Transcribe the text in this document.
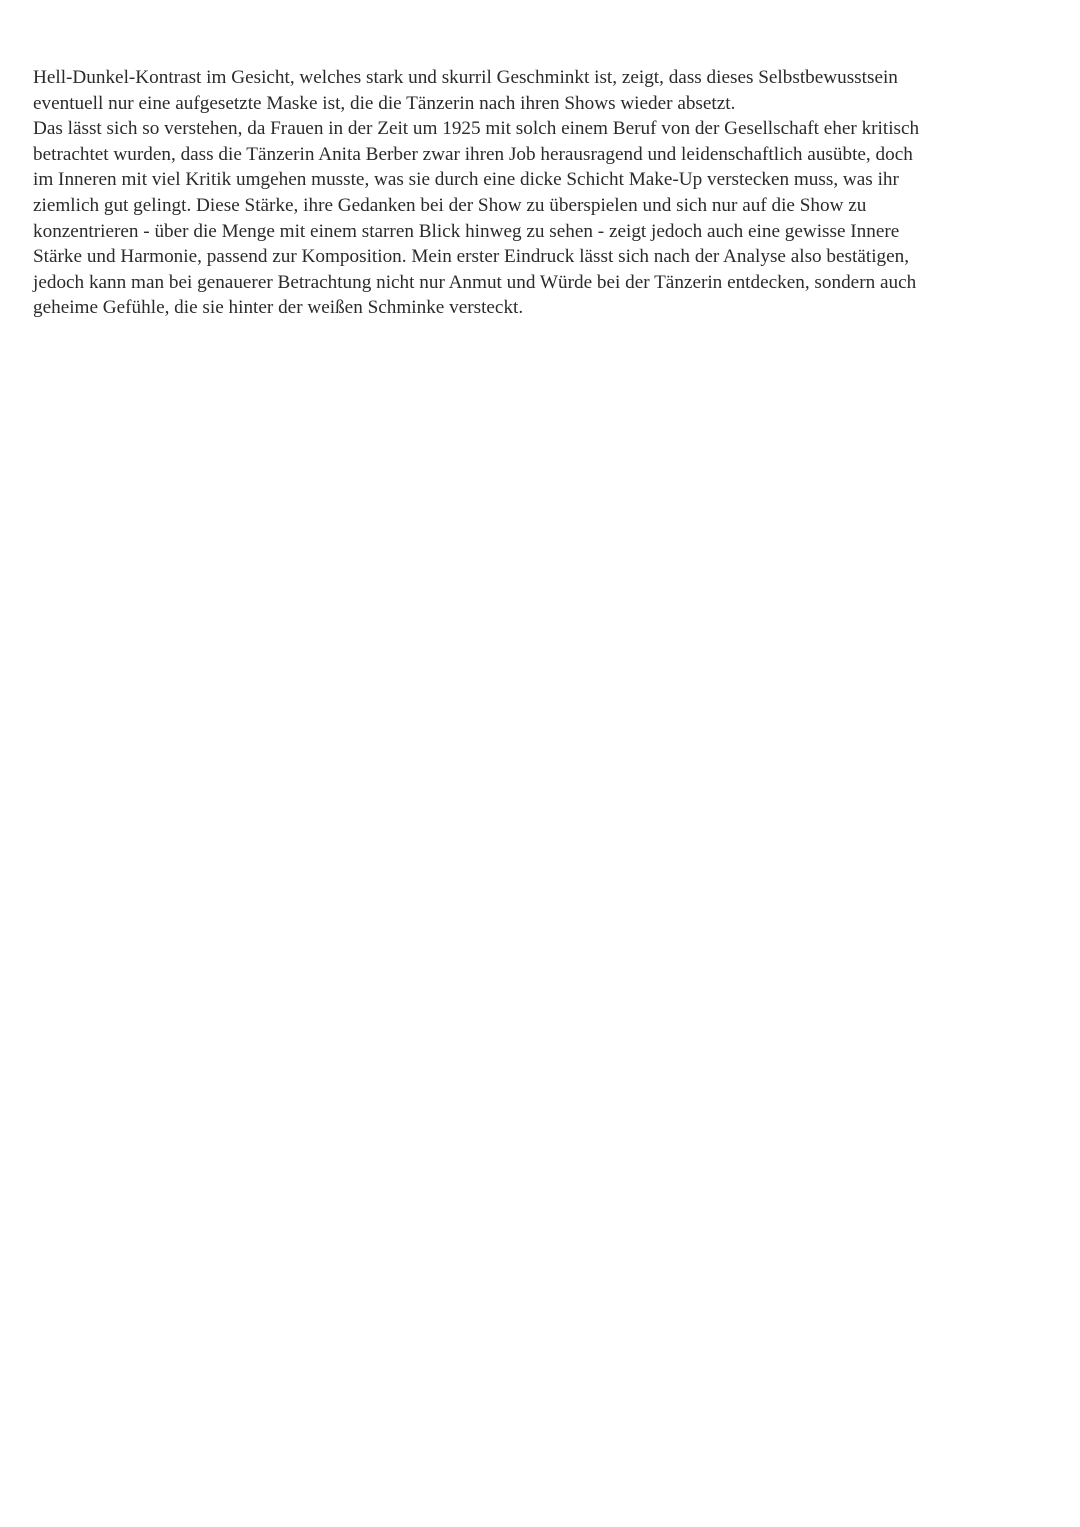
Hell-Dunkel-Kontrast im Gesicht, welches stark und skurril Geschminkt ist, zeigt, dass dieses Selbstbewusstsein
eventuell nur eine aufgesetzte Maske ist, die die Tänzerin nach ihren Shows wieder absetzt.
Das lässt sich so verstehen, da Frauen in der Zeit um 1925 mit solch einem Beruf von der Gesellschaft eher kritisch
betrachtet wurden, dass die Tänzerin Anita Berber zwar ihren Job herausragend und leidenschaftlich ausübte, doch
im Inneren mit viel Kritik umgehen musste, was sie durch eine dicke Schicht Make-Up verstecken muss, was ihr
ziemlich gut gelingt. Diese Stärke, ihre Gedanken bei der Show zu überspielen und sich nur auf die Show zu
konzentrieren - über die Menge mit einem starren Blick hinweg zu sehen - zeigt jedoch auch eine gewisse Innere
Stärke und Harmonie, passend zur Komposition. Mein erster Eindruck lässt sich nach der Analyse also bestätigen,
jedoch kann man bei genauerer Betrachtung nicht nur Anmut und Würde bei der Tänzerin entdecken, sondern auch
geheime Gefühle, die sie hinter der weißen Schminke versteckt.
